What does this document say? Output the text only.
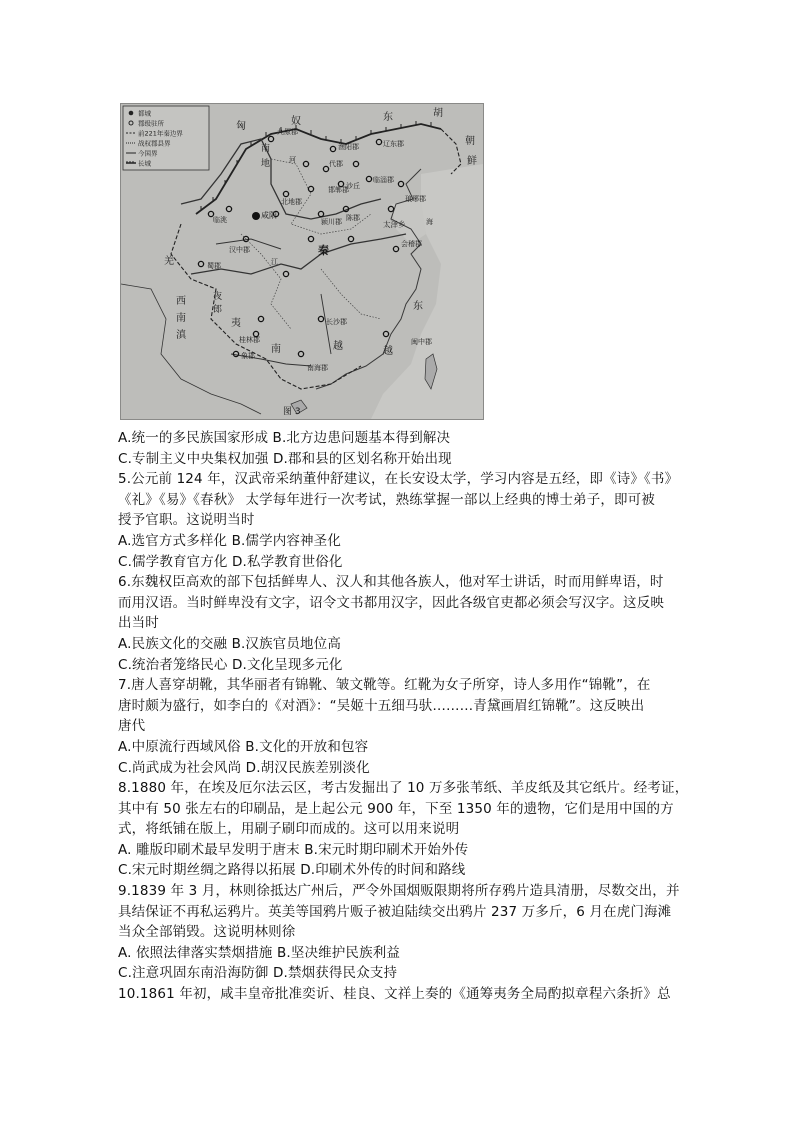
都城
郡级驻所
前221年秦边界
战权郡县界
今国界
长城
匈	奴	东	胡
朝
鲜
九原郡
渔阳郡	辽东郡
代郡
河
南
地
邯郸郡
临淄郡
沙丘
琅琊郡
北地郡
咸阳
临洮	颍川郡 陈郡
太泽乡
汉中郡	秦	会稽郡
羌	蜀郡
西
南
滇
夜
郎
夷	长沙郡
东
越
闽中郡
桂林郡
南海郡
象郡
南	越
江
海
图 3
A.统一的多民族国家形成 B.北方边患问题基本得到解决
C.专制主义中央集权加强 D.郡和县的区划名称开始出现
5.公元前 124 年，汉武帝采纳董仲舒建议，在长安设太学，学习内容是五经，即《诗》《书》
《礼》《易》《春秋》 太学每年进行一次考试，熟练掌握一部以上经典的博士弟子，即可被
授予官职。这说明当时
A.选官方式多样化 B.儒学内容神圣化
C.儒学教育官方化 D.私学教育世俗化
6.东魏权臣高欢的部下包括鲜卑人、汉人和其他各族人，他对军士讲话，时而用鲜卑语，时
而用汉语。当时鲜卑没有文字，诏令文书都用汉字，因此各级官吏都必须会写汉字。这反映
出当时
A.民族文化的交融 B.汉族官员地位高
C.统治者笼络民心 D.文化呈现多元化
7.唐人喜穿胡靴，其华丽者有锦靴、皱文靴等。红靴为女子所穿，诗人多用作“锦靴”，在
唐时颇为盛行，如李白的《对酒》：“吴姬十五细马驮………青黛画眉红锦靴”。这反映出
唐代
A.中原流行西域风俗 B.文化的开放和包容
C.尚武成为社会风尚 D.胡汉民族差别淡化
8.1880 年，在埃及厄尔法云区，考古发掘出了 10 万多张苇纸、羊皮纸及其它纸片。经考证，
其中有 50 张左右的印刷品，是上起公元 900 年，下至 1350 年的遗物，它们是用中国的方
式，将纸铺在版上，用刷子刷印而成的。这可以用来说明
A. 雕版印刷术最早发明于唐末 B.宋元时期印刷术开始外传
C.宋元时期丝绸之路得以拓展 D.印刷术外传的时间和路线
9.1839 年 3 月，林则徐抵达广州后，严令外国烟贩限期将所存鸦片造具清册，尽数交出，并
具结保证不再私运鸦片。英美等国鸦片贩子被迫陆续交出鸦片 237 万多斤，6 月在虎门海滩
当众全部销毁。这说明林则徐
A. 依照法律落实禁烟措施 B.坚决维护民族利益
C.注意巩固东南沿海防御 D.禁烟获得民众支持
10.1861 年初，咸丰皇帝批准奕䜣、桂良、文祥上奏的《通筹夷务全局酌拟章程六条折》总
